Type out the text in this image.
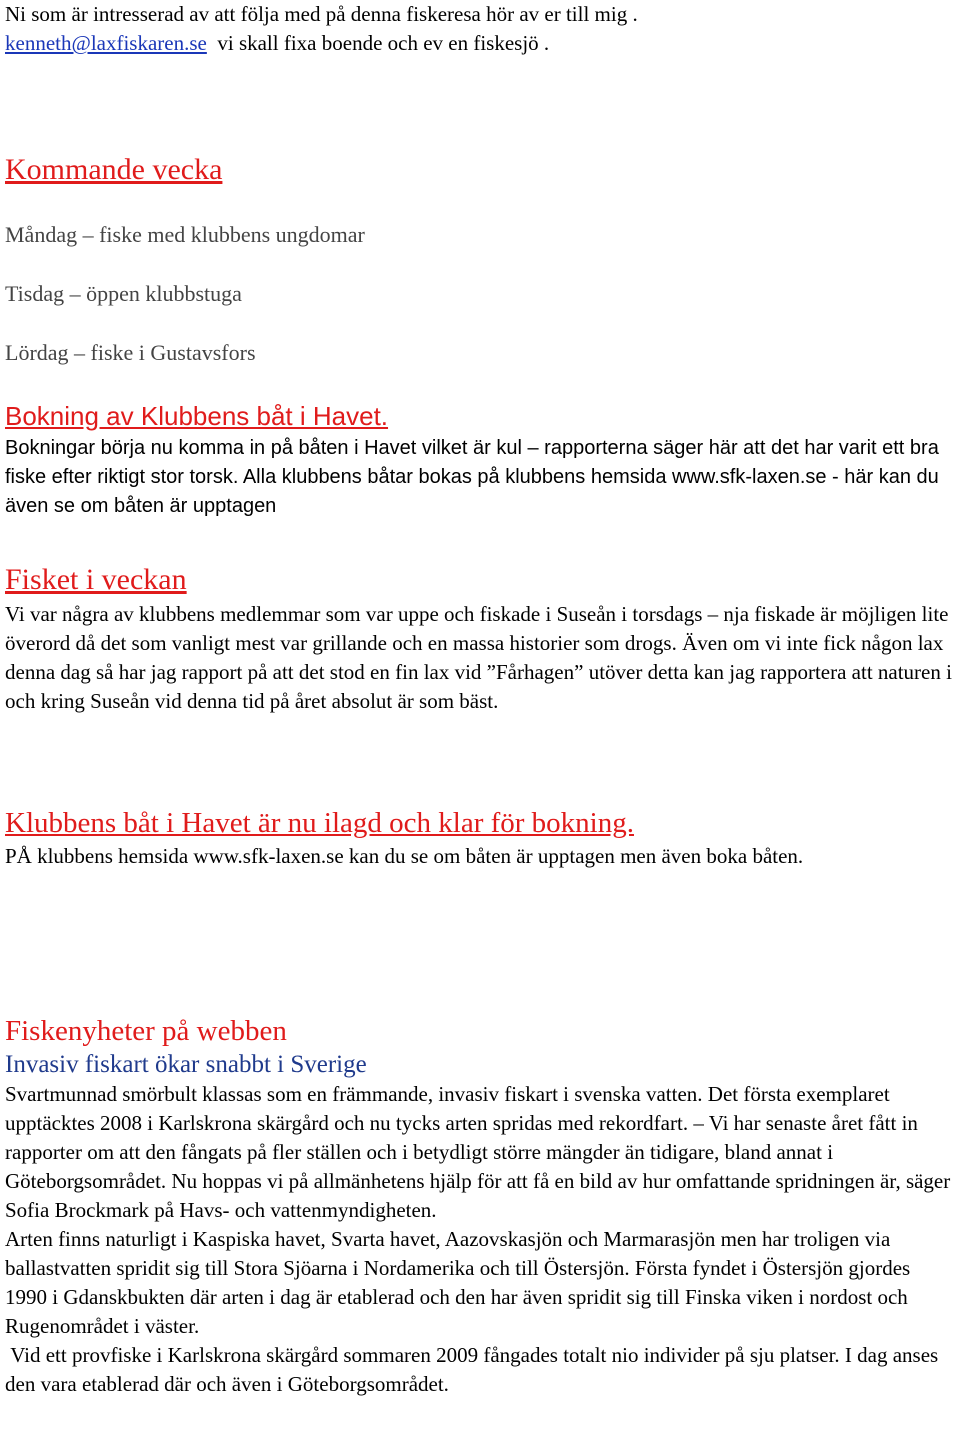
Ni som är intresserad av att följa med på denna fiskeresa hör av er till mig .
kenneth@laxfiskaren.se  vi skall fixa boende och ev en fiskesjö .

Kommande vecka

Måndag – fiske med klubbens ungdomar

Tisdag – öppen klubbstuga

Lördag – fiske i Gustavsfors

Bokning av Klubbens båt i Havet.

Bokningar börja nu komma in på båten i Havet vilket är kul – rapporterna säger här att det har varit ett bra fiske efter riktigt stor torsk. Alla klubbens båtar bokas på klubbens hemsida www.sfk-laxen.se - här kan du även se om båten är upptagen

Fisket i veckan

Vi var några av klubbens medlemmar som var uppe och fiskade i Suseån i torsdags – nja fiskade är möjligen lite överord då det som vanligt mest var grillande och en massa historier som drogs. Även om vi inte fick någon lax denna dag så har jag rapport på att det stod en fin lax vid ”Fårhagen” utöver detta kan jag rapportera att naturen i och kring Suseån vid denna tid på året absolut är som bäst.

Klubbens båt i Havet är nu ilagd och klar för bokning.

PÅ klubbens hemsida www.sfk-laxen.se kan du se om båten är upptagen men även boka båten.

Fiskenyheter på webben
Invasiv fiskart ökar snabbt i Sverige

Svartmunnad smörbult klassas som en främmande, invasiv fiskart i svenska vatten. Det första exemplaret upptäcktes 2008 i Karlskrona skärgård och nu tycks arten spridas med rekordfart. – Vi har senaste året fått in rapporter om att den fångats på fler ställen och i betydligt större mängder än tidigare, bland annat i Göteborgsområdet. Nu hoppas vi på allmänhetens hjälp för att få en bild av hur omfattande spridningen är, säger Sofia Brockmark på Havs- och vattenmyndigheten.

Arten finns naturligt i Kaspiska havet, Svarta havet, Aazovskasjön och Marmarasjön men har troligen via ballastvatten spridit sig till Stora Sjöarna i Nordamerika och till Östersjön. Första fyndet i Östersjön gjordes 1990 i Gdanskbukten där arten i dag är etablerad och den har även spridit sig till Finska viken i nordost och Rugenområdet i väster.

Vid ett provfiske i Karlskrona skärgård sommaren 2009 fångades totalt nio individer på sju platser. I dag anses den vara etablerad där och även i Göteborgsområdet.
